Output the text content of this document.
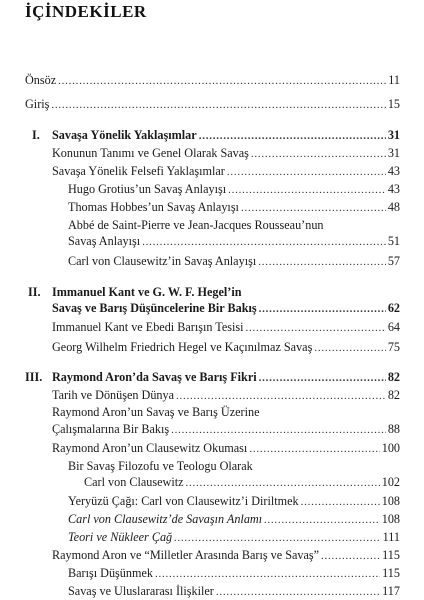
İÇİNDEKİLER
Önsöz . . .	11
Giriş . . .	15
I. Savaşa Yönelik Yaklaşımlar . . .	31
Konunun Tanımı ve Genel Olarak Savaş . . .	31
Savaşa Yönelik Felsefi Yaklaşımlar . . .	43
Hugo Grotius’un Savaş Anlayışı . . .	43
Thomas Hobbes’un Savaş Anlayışı . . .	48
Abbé de Saint-Pierre ve Jean-Jacques Rousseau’nun
Savaş Anlayışı . . .	51
Carl von Clausewitz’in Savaş Anlayışı . . .	57
II. Immanuel Kant ve G. W. F. Hegel’in
Savaş ve Barış Düşüncelerine Bir Bakış . . .	62
Immanuel Kant ve Ebedi Barışın Tesisi . . .	64
Georg Wilhelm Friedrich Hegel ve Kaçınılmaz Savaş . . .	75
III. Raymond Aron’da Savaş ve Barış Fikri . . .	82
Tarih ve Dönüşen Dünya . . .	82
Raymond Aron’un Savaş ve Barış Üzerine
Çalışmalarına Bir Bakış . . .	88
Raymond Aron’un Clausewitz Okuması . . .	100
Bir Savaş Filozofu ve Teologu Olarak
Carl von Clausewitz . . .	102
Yeryüzü Çağı: Carl von Clausewitz’i Diriltmek . . .	108
Carl von Clausewitz’de Savaşın Anlamı . . .	108
Teori ve Nükleer Çağ . . .	111
Raymond Aron ve “Milletler Arasında Barış ve Savaş” . . .	115
Barışı Düşünmek . . .	115
Savaş ve Uluslararası İlişkiler . . .	117
